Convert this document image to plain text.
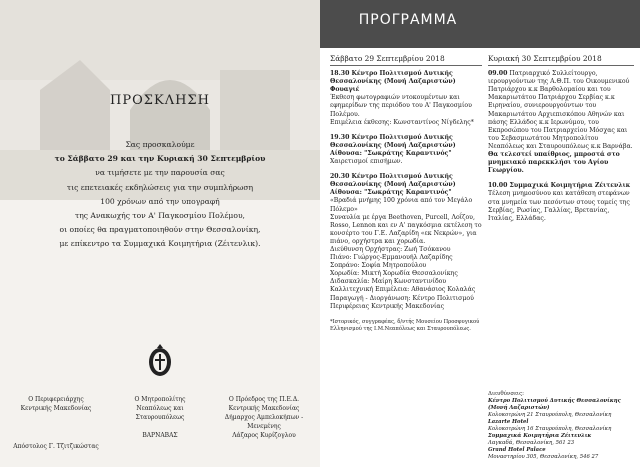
ΠΡΟΣΚΛΗΣΗ
Σας προσκαλούμε
το Σάββατο 29 και την Κυριακή 30 Σεπτεμβρίου
να τιμήσετε με την παρουσία σας
τις επετειακές εκδηλώσεις για την συμπλήρωση
100 χρόνων από την υπογραφή
της Ανακωχής τον Α' Παγκοσμίου Πολέμου,
οι οποίες θα πραγματοποιηθούν στην Θεσσαλονίκη,
με επίκεντρο τα Συμμαχικά Κοιμητήρια (Ζέιτενλικ).
Ο Περιφερειάρχης
Κεντρικής Μακεδονίας
Απόστολος Γ. Τζιτζικώστας
Ο Μητροπολίτης
Νεαπόλεως και
Σταυρουπόλεως
ΒΑΡΝΑΒΑΣ
Ο Πρόεδρος της Π.Ε.Δ.
Κεντρικής Μακεδονίας
Δήμαρχος Αμπελοκήπων -
Μενεμένης
Λάζαρος Κυρίζογλου
ΠΡΟΓΡΑΜΜΑ
Σάββατο 29 Σεπτεμβρίου 2018
18.30 Κέντρο Πολιτισμού Δυτικής Θεσσαλονίκης (Μονή Λαζαριστών) Φουαγιέ
Έκθεση φωτογραφιών ντοκουμέντων και εφημερίδων της περιόδου του Α' Παγκοσμίου Πολέμου.
Επιμέλεια έκθεσης: Κωνσταντίνος Νίγδελης*
19.30 Κέντρο Πολιτισμού Δυτικής Θεσσαλονίκης (Μονή Λαζαριστών) Αίθουσα: "Σωκράτης Καραντινός"
Χαιρετισμοί επισήμων.
20.30 Κέντρο Πολιτισμού Δυτικής Θεσσαλονίκης (Μονή Λαζαριστών) Αίθουσα: "Σωκράτης Καραντινός"
«Βραδιά μνήμης 100 χρόνια από τον Μεγάλο Πόλεμο»
Συναυλία με έργα Beethoven, Purcell, Λοΐζου, Rosso, Lennon και εν Α' παγκόσμια εκτέλεση το κονσέρτο του Γ.Ε. Λαζαρίδη «εκ Νεκρών», για πιάνο, ορχήστρα και χορωδία.
Διεύθυνση Ορχήστρας: Ζωή Τσόκανου
Πιάνο: Γιώργος-Εμμανουήλ Λαζαρίδης
Σοπράνο: Σοφία Μητροπούλου
Χορωδία: Μικτή Χορωδία Θεσσαλονίκης
Διδασκαλία: Μαίρη Κωνσταντινίδου
Καλλιτεχνική Επιμέλεια: Αθανάσιος Κολαλάς
Παραγωγή - Διοργάνωση: Κέντρο Πολιτισμού Περιφέρειας Κεντρικής Μακεδονίας
*Ιστορικός, συγγραφέας, δ/ντής Μουσείου Προσφυγικού Ελληνισμού της Ι.Μ.Νεαπόλεως και Σταυρουπόλεως.
Κυριακή 30 Σεπτεμβρίου 2018
09.00 Πατριαρχικό Συλλείτουργο, ιερουργούντων της Α.Θ.Π. του Οικουμενικού Πατριάρχου κ.κ Βαρθολομαίου και του Μακαριωτάτου Πατριάρχου Σερβίας κ.κ Ειρηναίου, συνιερουργούντων του Μακαριωτάτου Αρχιεπισκόπου Αθηνών και πάσης Ελλάδος κ.κ Ιερωνύμου, του Εκπροσώπου του Πατριαρχείου Μόσχας και του Σεβασμιωτάτου Μητροπολίτου Νεαπόλεως και Σταυρουπόλεως κ.κ Βαρνάβα.
Θα τελεστεί υπαίθριος, μπροστά στο μνημειακό παρεκκλήσι του Αγίου Γεωργίου.
10.00 Συμμαχικά Κοιμητήρια Ζέιτενλικ
Τέλεση μνημοσύνου και κατάθεση στεφάνων στα μνημεία των πεσόντων στους τομείς της Σερβίας, Ρωσίας, Γαλλίας, Βρετανίας, Ιταλίας, Ελλάδας.
Διευθύνσεις:
Κέντρο Πολιτισμού Δυτικής Θεσσαλονίκης (Μονή Λαζαριστών)
Κολοκοτρώνη 21 Σταυρούπολη, Θεσσαλονίκη
Lazarte Hotel
Κολοκοτρώνη 16 Σταυρούπολη, Θεσσαλονίκη
Συμμαχικά Κοιμητήρια Ζέιτενλικ
Λαγκαδά, Θεσσαλονίκη, 561 23
Grand Hotel Palace
Μοναστηρίου 305, Θεσσαλονίκη, 546 27
